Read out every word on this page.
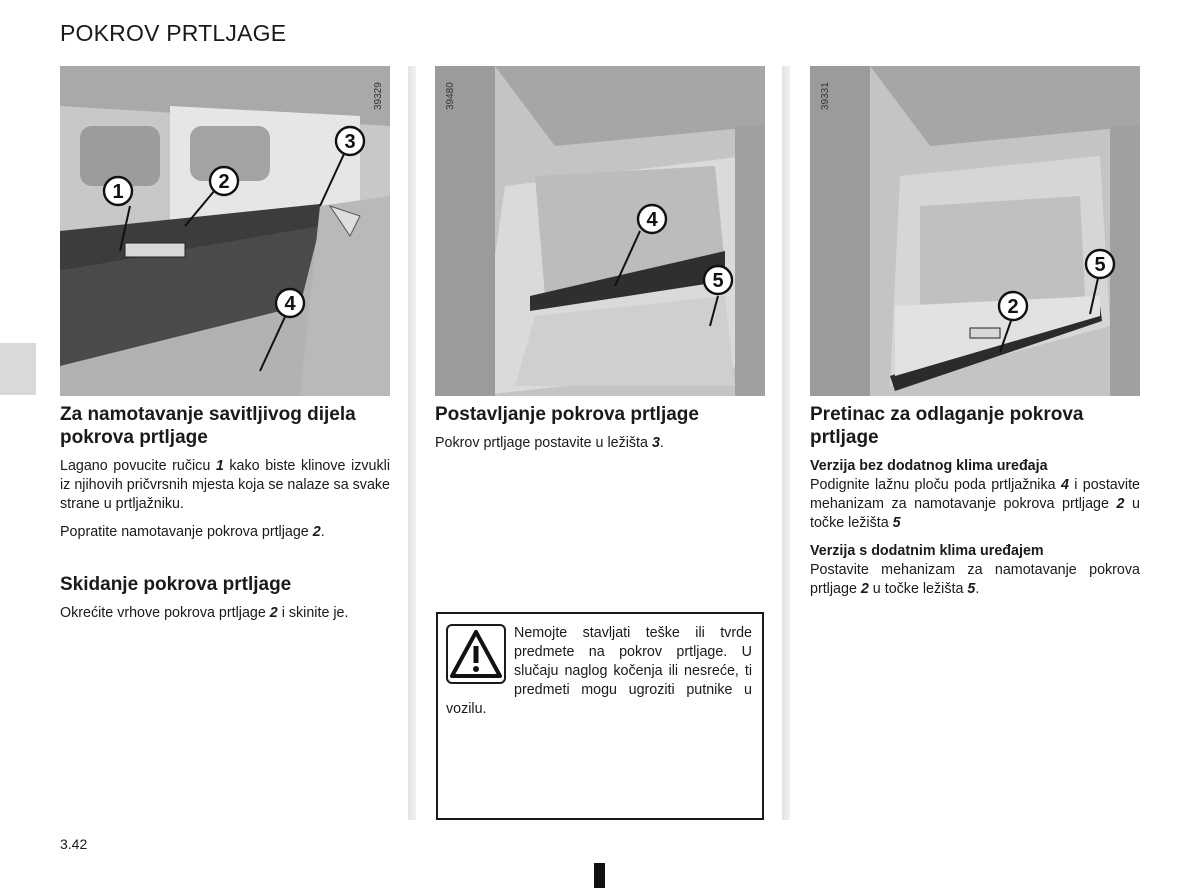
POKROV PRTLJAGE
1	2
3
4
39329
4
5
39480
5
2
39331
Za namotavanje savitljivog dijela pokrova prtljage
Lagano povucite ručicu 1 kako biste klinove izvukli iz njihovih pričvrsnih mjesta koja se nalaze sa svake strane u prtljažniku.
Popratite namotavanje pokrova prtljage 2.
Skidanje pokrova prtljage
Okrećite vrhove pokrova prtljage 2 i skinite je.
Postavljanje pokrova prtljage
Pokrov prtljage postavite u ležišta 3.
Nemojte stavljati teške ili tvrde predmete na pokrov prtljage. U slučaju naglog kočenja ili nesreće, ti predmeti mogu ugroziti putnike u vozilu.
Pretinac za odlaganje pokrova prtljage
Verzija bez dodatnog klima uređaja
Podignite lažnu ploču poda prtljažnika 4 i postavite mehanizam za namotavanje pokrova prtljage 2 u točke ležišta 5
Verzija s dodatnim klima uređajem
Postavite mehanizam za namotavanje pokrova prtljage 2 u točke ležišta 5.
3.42
